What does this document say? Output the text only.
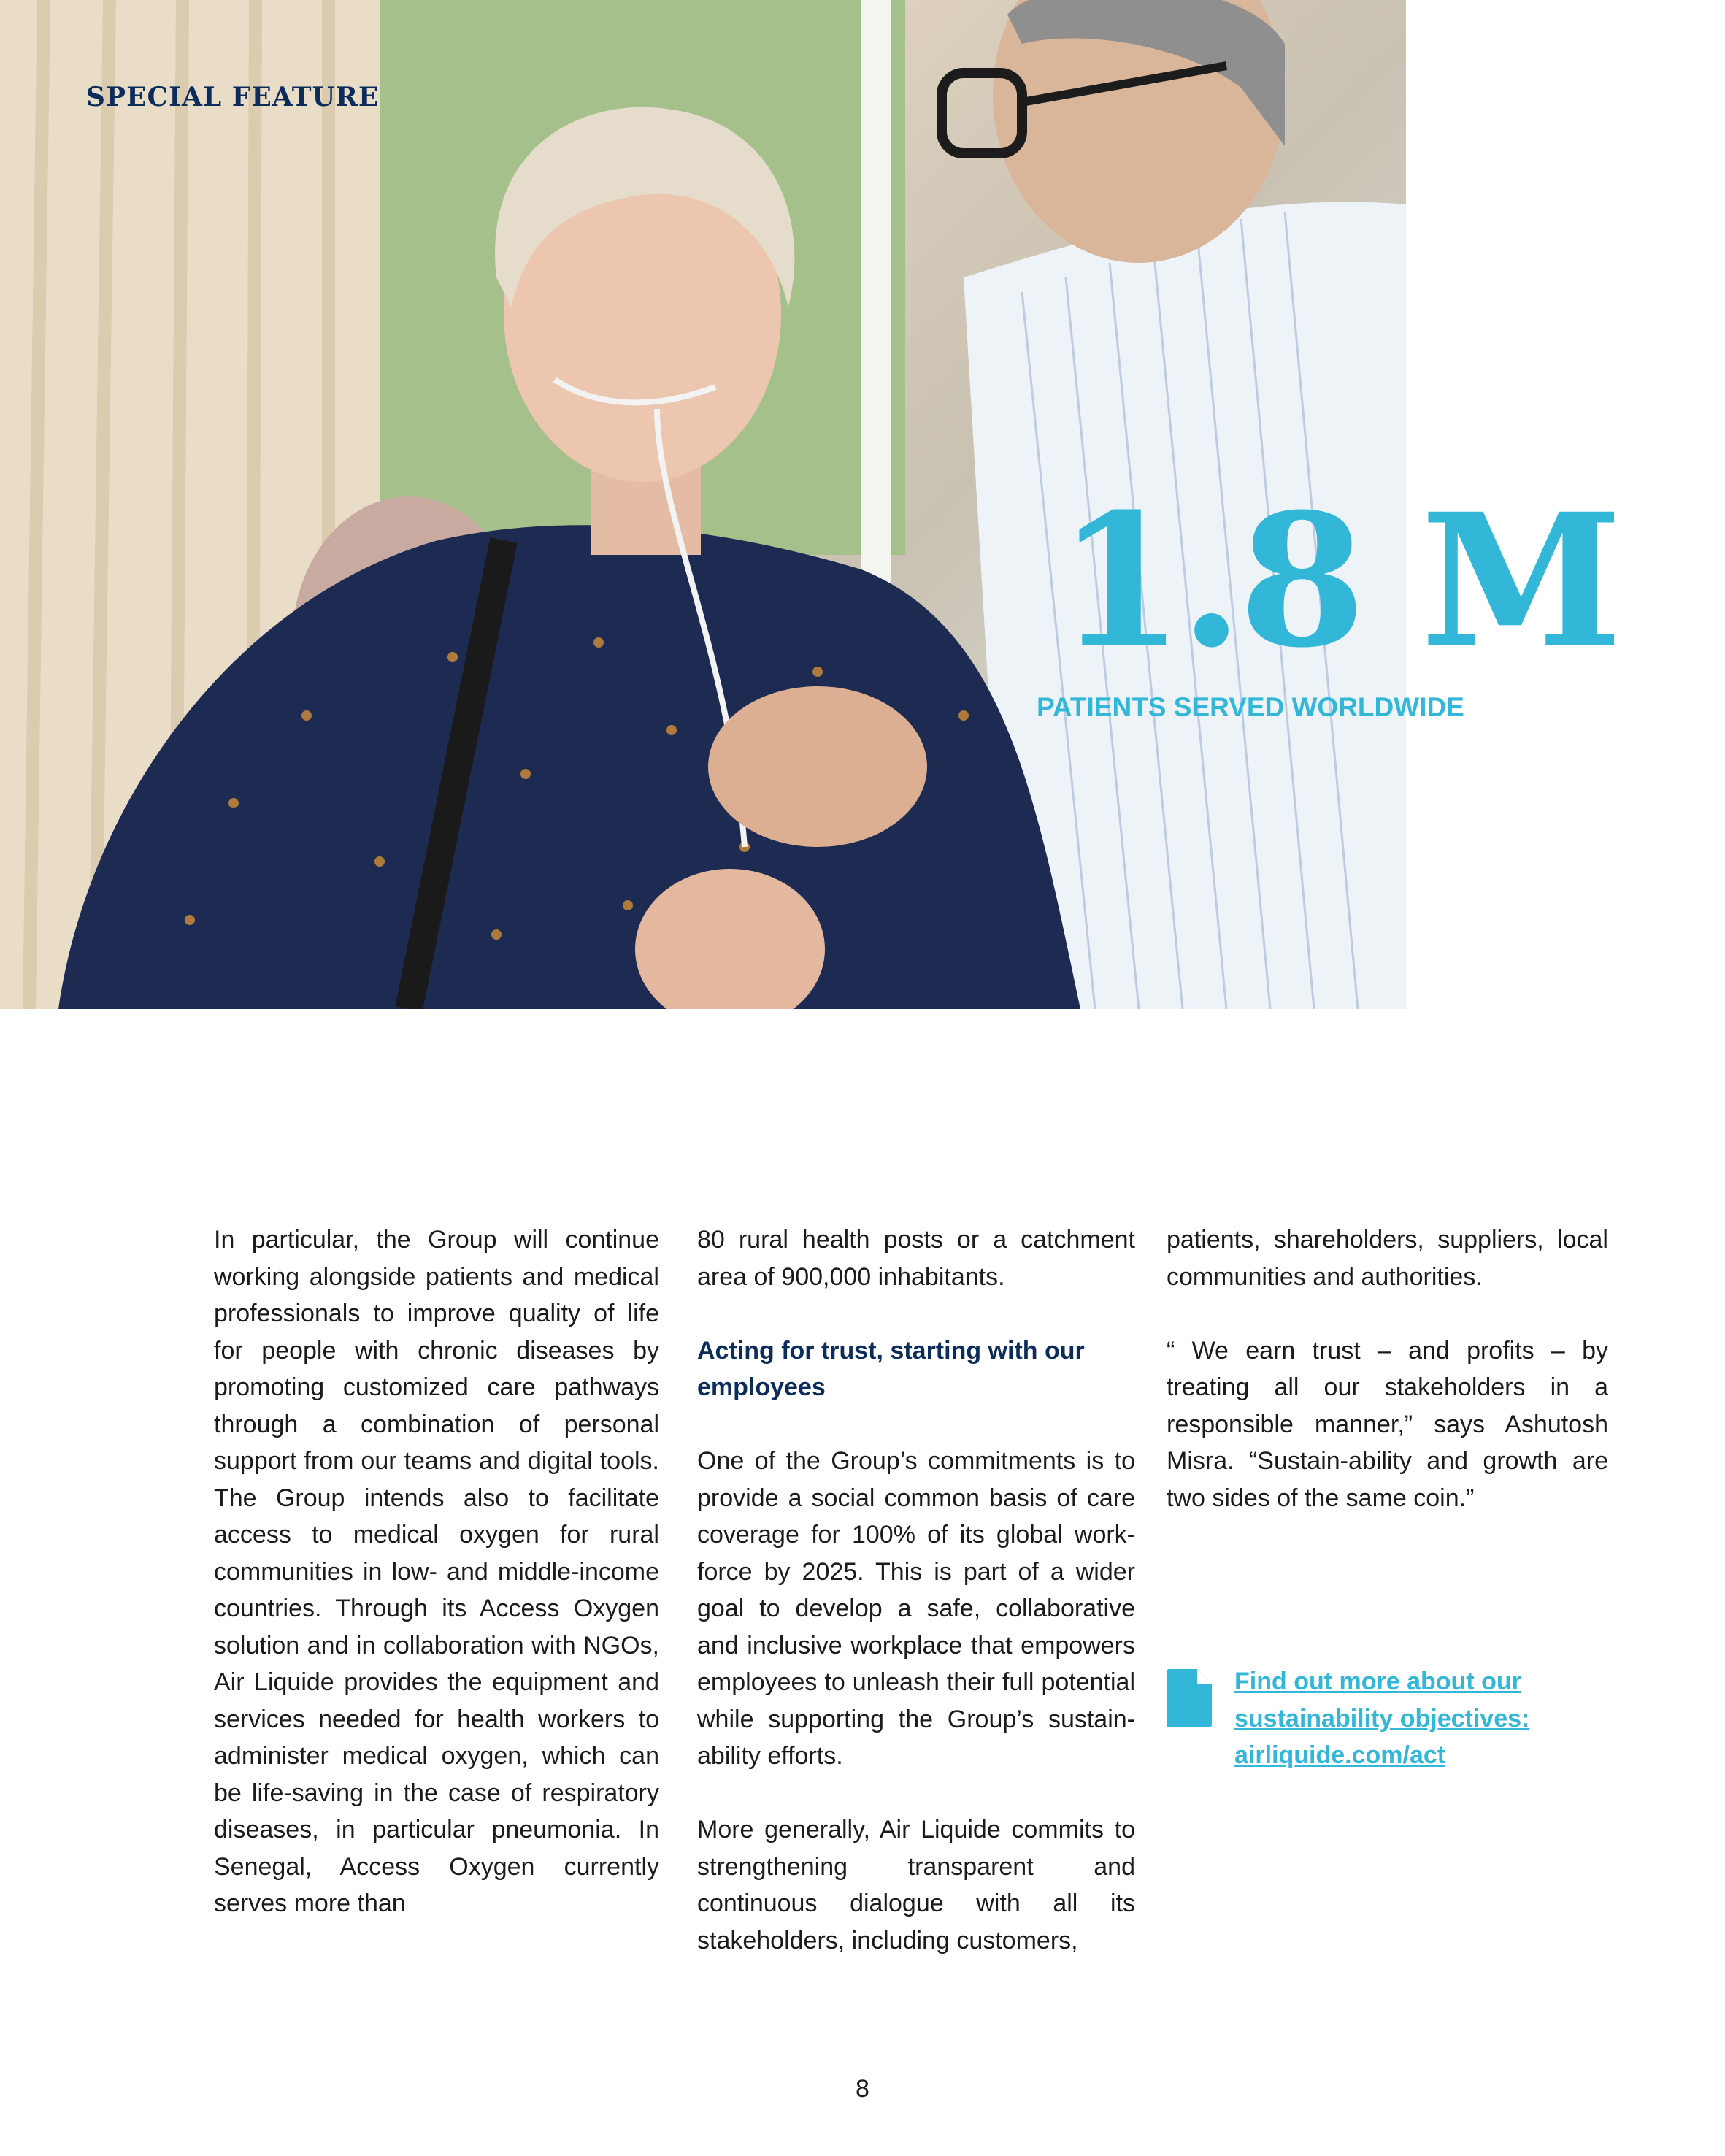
SPECIAL FEATURE
1.8 M
PATIENTS SERVED WORLDWIDE

In particular, the Group will continue working alongside patients and medical professionals to improve quality of life for people with chronic diseases by promoting customized care pathways through a combination of personal support from our teams and digital tools. The Group intends also to facilitate access to medical oxygen for rural communities in low- and middle-income countries. Through its Access Oxygen solution and in collaboration with NGOs, Air Liquide provides the equipment and services needed for health workers to administer medical oxygen, which can be life-saving in the case of respiratory diseases, in particular pneumonia. In Senegal, Access Oxygen currently serves more than

80 rural health posts or a catchment area of 900,000 inhabitants.

Acting for trust, starting with our employees

One of the Group’s commitments is to provide a social common basis of care coverage for 100% of its global work-force by 2025. This is part of a wider goal to develop a safe, collaborative and inclusive workplace that empowers employees to unleash their full potential while supporting the Group’s sustain-ability efforts.

More generally, Air Liquide commits to strengthening transparent and continuous dialogue with all its stakeholders, including customers,

patients, shareholders, suppliers, local communities and authorities.

“ We earn trust – and profits – by treating all our stakeholders in a responsible manner,” says Ashutosh Misra. “Sustain-ability and growth are two sides of the same coin.”

Find out more about our
sustainability objectives:
airliquide.com/act
8
